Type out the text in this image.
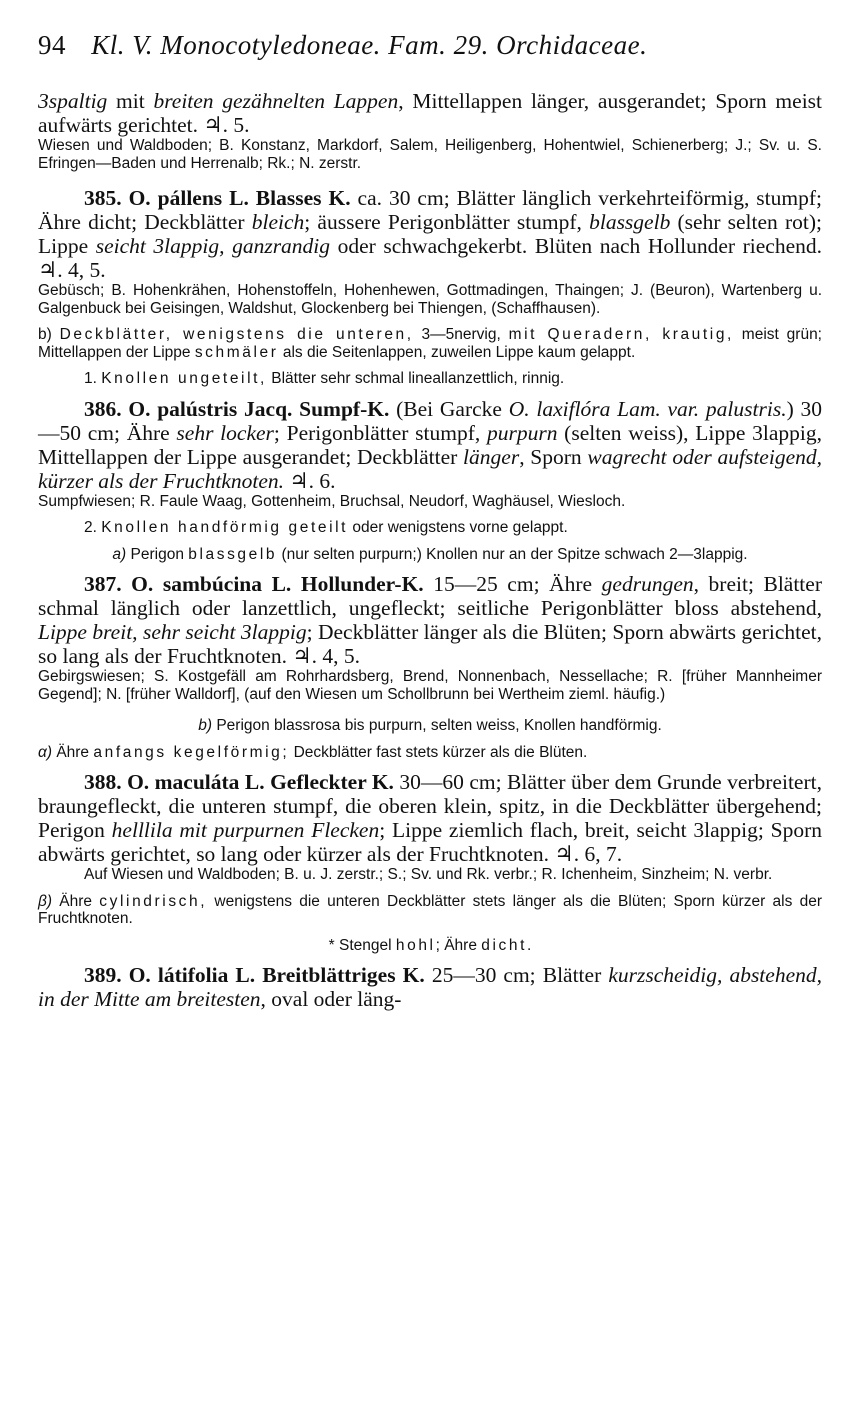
94 Kl. V. Monocotyledoneae. Fam. 29. Orchidaceae.
3spaltig mit breiten gezähnelten Lappen, Mittellappen länger, ausgerandet; Sporn meist aufwärts gerichtet. ♃. 5.
Wiesen und Waldboden; B. Konstanz, Markdorf, Salem, Heiligenberg, Hohentwiel, Schienerberg; J.; Sv. u. S. Efringen—Baden und Herrenalb; Rk.; N. zerstr.
385. O. pállens L. Blasses K. ca. 30 cm; Blätter länglich verkehrteiförmig, stumpf; Ähre dicht; Deckblätter bleich; äussere Perigonblätter stumpf, blassgelb (sehr selten rot); Lippe seicht 3lappig, ganzrandig oder schwachgekerbt. Blüten nach Hollunder riechend. ♃. 4, 5.
Gebüsch; B. Hohenkrähen, Hohenstoffeln, Hohenhewen, Gottmadingen, Thaingen; J. (Beuron), Wartenberg u. Galgenbuck bei Geisingen, Waldshut, Glockenberg bei Thiengen, (Schaffhausen).
b) Deckblätter, wenigstens die unteren, 3—5nervig, mit Queradern, krautig, meist grün; Mittellappen der Lippe schmäler als die Seitenlappen, zuweilen Lippe kaum gelappt.
1. Knollen ungeteilt, Blätter sehr schmal lineallanzettlich, rinnig.
386. O. palústris Jacq. Sumpf-K. (Bei Garcke O. laxiflóra Lam. var. palustris.) 30—50 cm; Ähre sehr locker; Perigonblätter stumpf, purpurn (selten weiss), Lippe 3lappig, Mittellappen der Lippe ausgerandet; Deckblätter länger, Sporn wagrecht oder aufsteigend, kürzer als der Fruchtknoten. ♃. 6.
Sumpfwiesen; R. Faule Waag, Gottenheim, Bruchsal, Neudorf, Waghäusel, Wiesloch.
2. Knollen handförmig geteilt oder wenigstens vorne gelappt.
a) Perigon blassgelb (nur selten purpurn;) Knollen nur an der Spitze schwach 2—3lappig.
387. O. sambúcina L. Hollunder-K. 15—25 cm; Ähre gedrungen, breit; Blätter schmal länglich oder lanzettlich, ungefleckt; seitliche Perigonblätter bloss abstehend, Lippe breit, sehr seicht 3lappig; Deckblätter länger als die Blüten; Sporn abwärts gerichtet, so lang als der Fruchtknoten. ♃. 4, 5.
Gebirgswiesen; S. Kostgefäll am Rohrhardsberg, Brend, Nonnenbach, Nessellache; R. [früher Mannheimer Gegend]; N. [früher Walldorf], (auf den Wiesen um Schollbrunn bei Wertheim zieml. häufig.)
b) Perigon blassrosa bis purpurn, selten weiss, Knollen handförmig.
α) Ähre anfangs kegelförmig; Deckblätter fast stets kürzer als die Blüten.
388. O. maculáta L. Gefleckter K. 30—60 cm; Blätter über dem Grunde verbreitert, braungefleckt, die unteren stumpf, die oberen klein, spitz, in die Deckblätter übergehend; Perigon helllila mit purpurnen Flecken; Lippe ziemlich flach, breit, seicht 3lappig; Sporn abwärts gerichtet, so lang oder kürzer als der Fruchtknoten. ♃. 6, 7.
Auf Wiesen und Waldboden; B. u. J. zerstr.; S.; Sv. und Rk. verbr.; R. Ichenheim, Sinzheim; N. verbr.
β) Ähre cylindrisch, wenigstens die unteren Deckblätter stets länger als die Blüten; Sporn kürzer als der Fruchtknoten.
* Stengel hohl; Ähre dicht.
389. O. látifolia L. Breitblättriges K. 25—30 cm; Blätter kurzscheidig, abstehend, in der Mitte am breitesten, oval oder läng-
